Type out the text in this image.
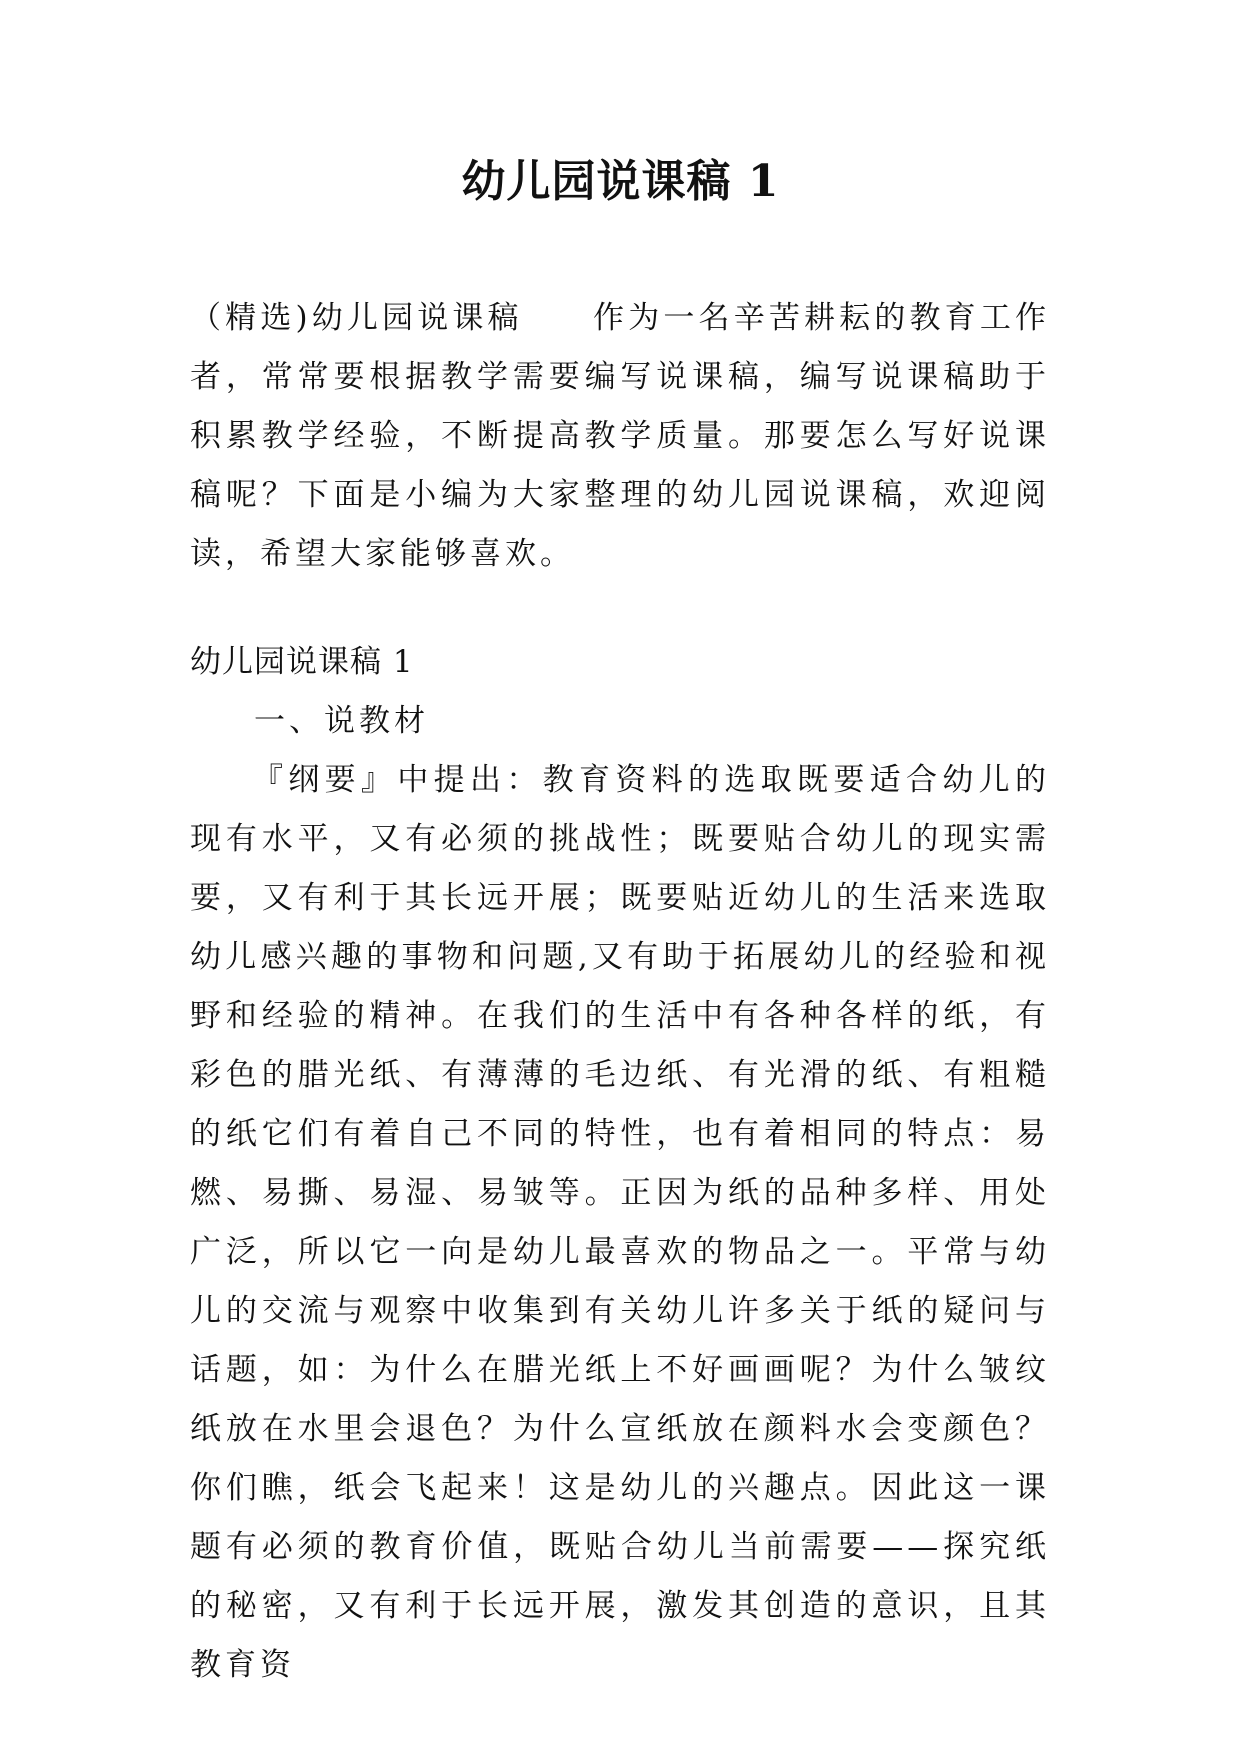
幼儿园说课稿 1
（精选)幼儿园说课稿　　作为一名辛苦耕耘的教育工作者，常常要根据教学需要编写说课稿，编写说课稿助于积累教学经验，不断提高教学质量。那要怎么写好说课稿呢？下面是小编为大家整理的幼儿园说课稿，欢迎阅读，希望大家能够喜欢。
幼儿园说课稿 1
一、说教材
『纲要』中提出：教育资料的选取既要适合幼儿的现有水平，又有必须的挑战性；既要贴合幼儿的现实需要，又有利于其长远开展；既要贴近幼儿的生活来选取幼儿感兴趣的事物和问题,又有助于拓展幼儿的经验和视野和经验的精神。在我们的生活中有各种各样的纸，有彩色的腊光纸、有薄薄的毛边纸、有光滑的纸、有粗糙的纸它们有着自己不同的特性，也有着相同的特点：易燃、易撕、易湿、易皱等。正因为纸的品种多样、用处广泛，所以它一向是幼儿最喜欢的物品之一。平常与幼儿的交流与观察中收集到有关幼儿许多关于纸的疑问与话题，如：为什么在腊光纸上不好画画呢？为什么皱纹纸放在水里会退色？为什么宣纸放在颜料水会变颜色？你们瞧，纸会飞起来！这是幼儿的兴趣点。因此这一课题有必须的教育价值，既贴合幼儿当前需要——探究纸的秘密，又有利于长远开展，激发其创造的意识，且其教育资
